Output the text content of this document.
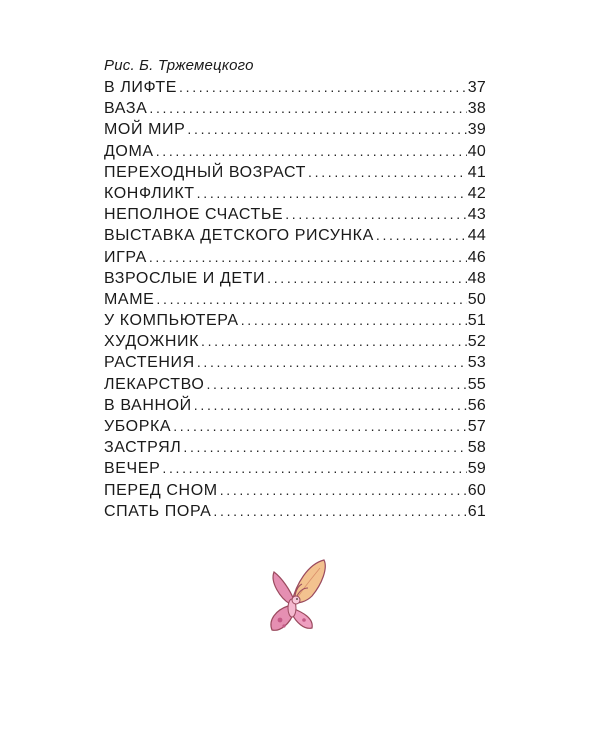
Рис. Б. Тржемецкого
В ЛИФТЕ . . .	37
ВАЗА . . .	38
МОЙ МИР . . .	39
ДОМА . . .	40
ПЕРЕХОДНЫЙ ВОЗРАСТ . . .	41
КОНФЛИКТ . . .	42
НЕПОЛНОЕ СЧАСТЬЕ . . .	43
ВЫСТАВКА ДЕТСКОГО РИСУНКА . . .	44
ИГРА . . .	46
ВЗРОСЛЫЕ И ДЕТИ . . .	48
МАМЕ . . .	50
У КОМПЬЮТЕРА . . .	51
ХУДОЖНИК . . .	52
РАСТЕНИЯ . . .	53
ЛЕКАРСТВО . . .	55
В ВАННОЙ . . .	56
УБОРКА . . .	57
ЗАСТРЯЛ . . .	58
ВЕЧЕР . . .	59
ПЕРЕД СНОМ . . .	60
СПАТЬ ПОРА . . .	61
